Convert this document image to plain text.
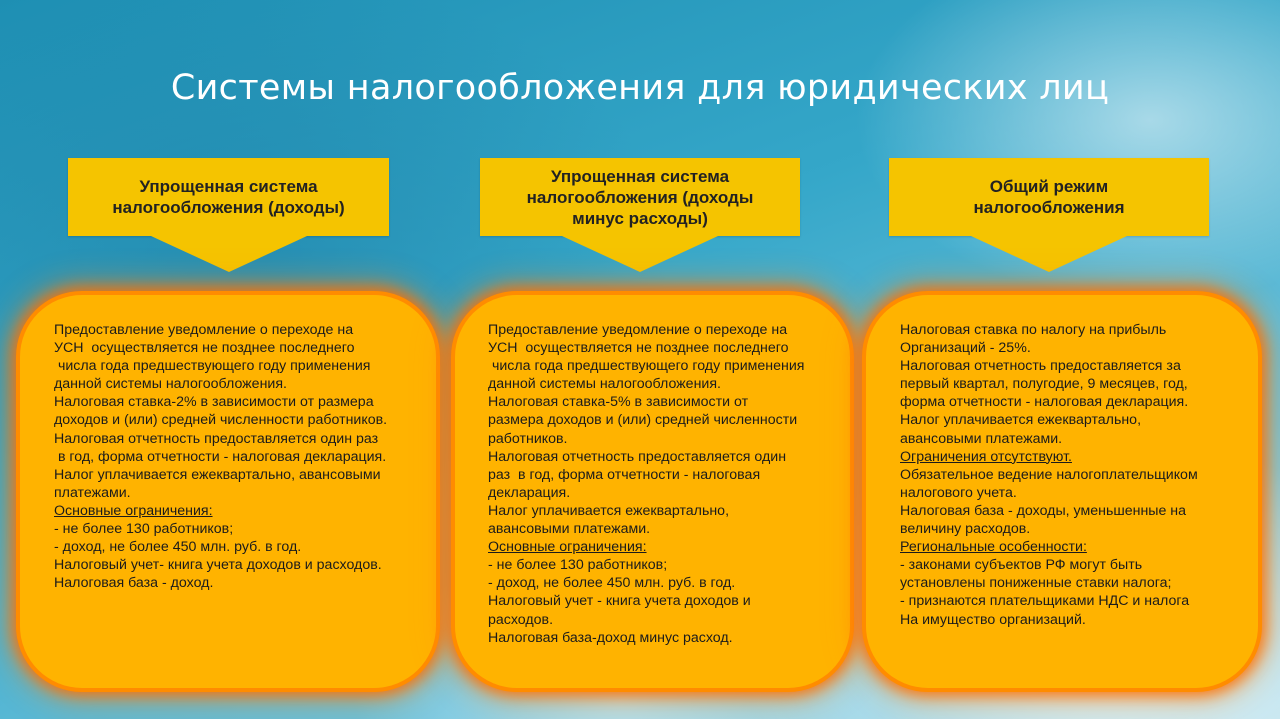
Системы налогообложения для юридических лиц
Упрощенная система
налогообложения (доходы)
Предоставление уведомление о переходе на
УСН  осуществляется не позднее последнего
числа года предшествующего году применения
данной системы налогообложения.
Налоговая ставка-2% в зависимости от размера
доходов и (или) средней численности работников.
Налоговая отчетность предоставляется один раз
в год, форма отчетности - налоговая декларация.
Налог уплачивается ежеквартально, авансовыми
платежами.
Основные ограничения:
- не более 130 работников;
- доход, не более 450 млн. руб. в год.
Налоговый учет- книга учета доходов и расходов.
Налоговая база - доход.
Упрощенная система
налогообложения (доходы
минус расходы)
Предоставление уведомление о переходе на
УСН  осуществляется не позднее последнего
числа года предшествующего году применения
данной системы налогообложения.
Налоговая ставка-5% в зависимости от
размера доходов и (или) средней численности
работников.
Налоговая отчетность предоставляется один
раз  в год, форма отчетности - налоговая
декларация.
Налог уплачивается ежеквартально,
авансовыми платежами.
Основные ограничения:
- не более 130 работников;
- доход, не более 450 млн. руб. в год.
Налоговый учет - книга учета доходов и
расходов.
Налоговая база-доход минус расход.
Общий режим
налогообложения
Налоговая ставка по налогу на прибыль
Организаций - 25%.
Налоговая отчетность предоставляется за
первый квартал, полугодие, 9 месяцев, год,
форма отчетности - налоговая декларация.
Налог уплачивается ежеквартально,
авансовыми платежами.
Ограничения отсутствуют.
Обязательное ведение налогоплательщиком
налогового учета.
Налоговая база - доходы, уменьшенные на
величину расходов.
Региональные особенности:
- законами субъектов РФ могут быть
установлены пониженные ставки налога;
- признаются плательщиками НДС и налога
На имущество организаций.
